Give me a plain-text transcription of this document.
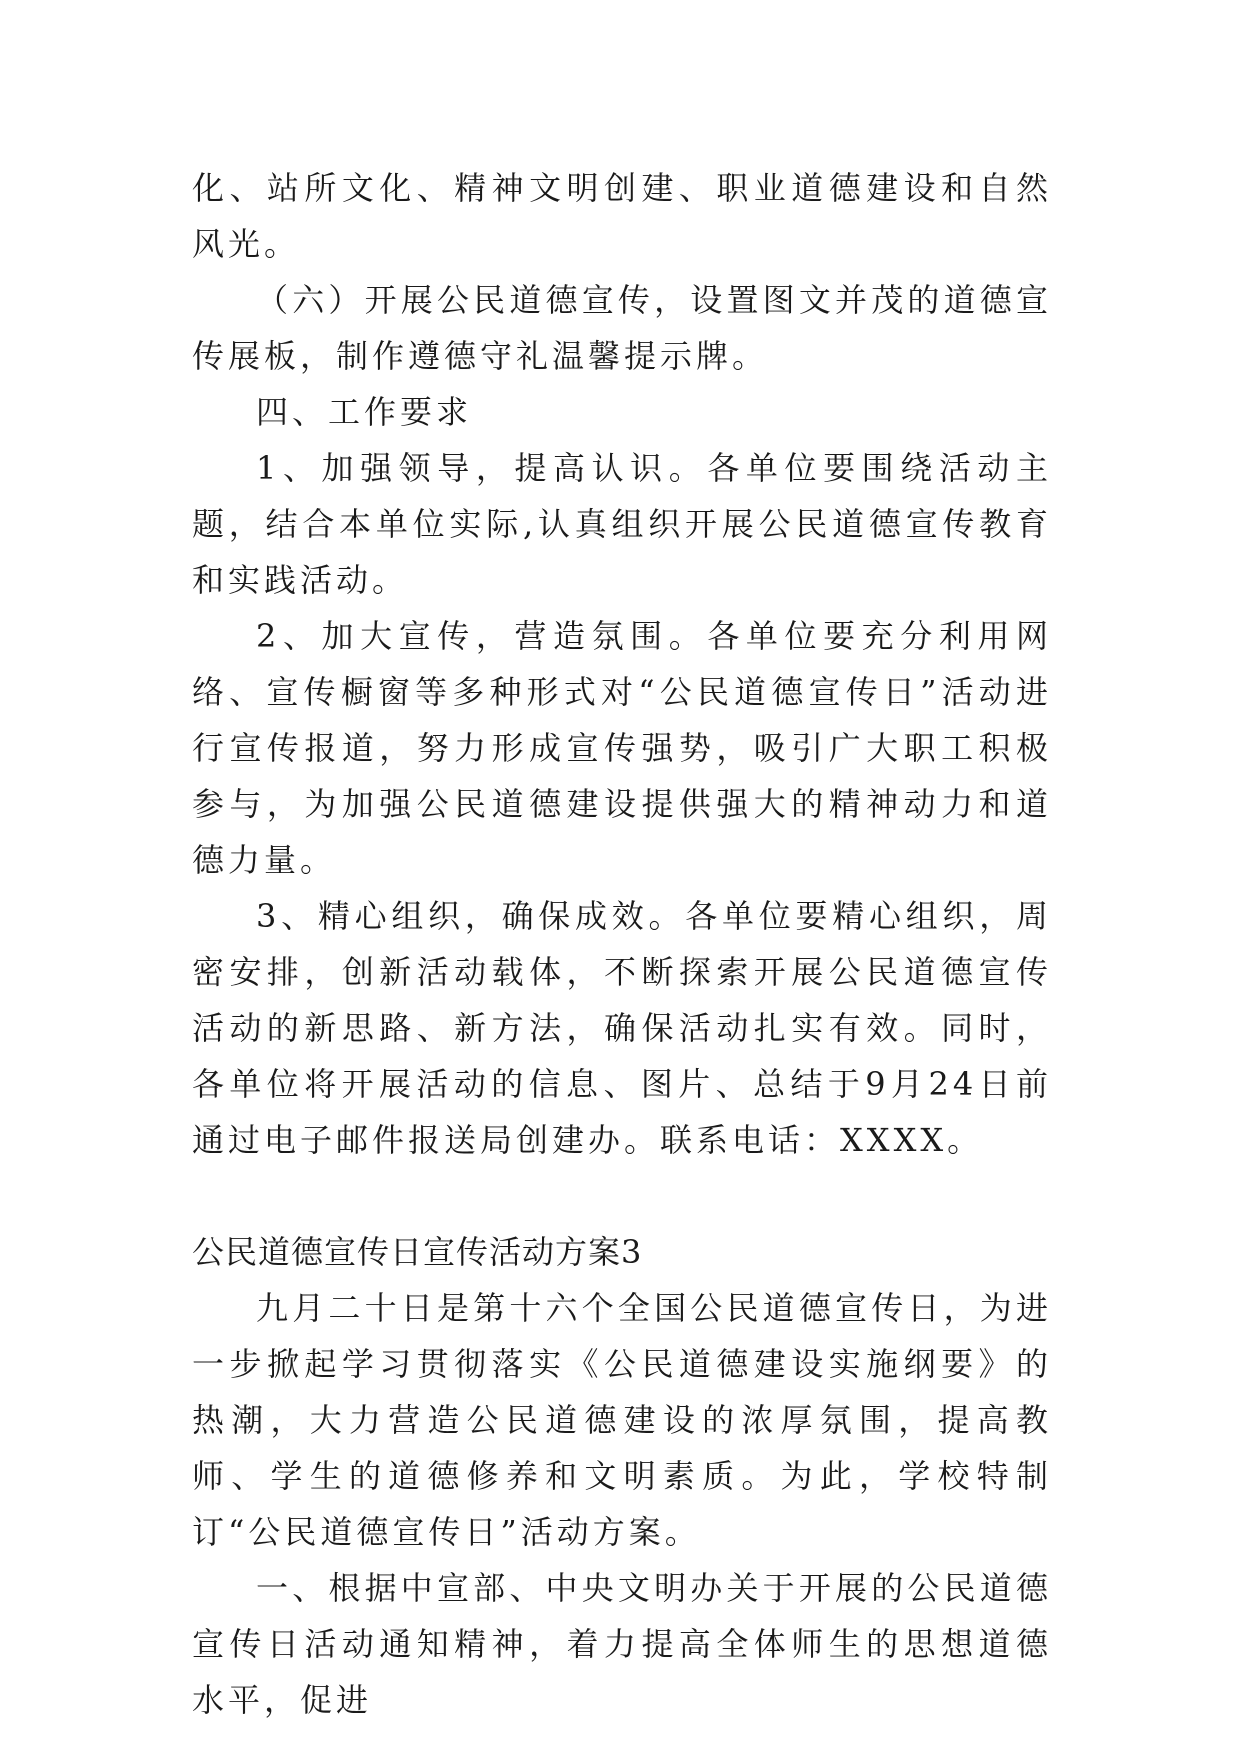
化、站所文化、精神文明创建、职业道德建设和自然风光。

（六）开展公民道德宣传，设置图文并茂的道德宣传展板，制作遵德守礼温馨提示牌。

四、工作要求

1、加强领导，提高认识。各单位要围绕活动主题，结合本单位实际,认真组织开展公民道德宣传教育和实践活动。

2、加大宣传，营造氛围。各单位要充分利用网络、宣传橱窗等多种形式对“公民道德宣传日”活动进行宣传报道，努力形成宣传强势，吸引广大职工积极参与，为加强公民道德建设提供强大的精神动力和道德力量。

3、精心组织，确保成效。各单位要精心组织，周密安排，创新活动载体，不断探索开展公民道德宣传活动的新思路、新方法，确保活动扎实有效。同时，各单位将开展活动的信息、图片、总结于9月24日前通过电子邮件报送局创建办。联系电话：XXXX。

公民道德宣传日宣传活动方案3

九月二十日是第十六个全国公民道德宣传日，为进一步掀起学习贯彻落实《公民道德建设实施纲要》的热潮，大力营造公民道德建设的浓厚氛围，提高教师、学生的道德修养和文明素质。为此，学校特制订“公民道德宣传日”活动方案。

一、根据中宣部、中央文明办关于开展的公民道德宣传日活动通知精神，着力提高全体师生的思想道德水平，促进
